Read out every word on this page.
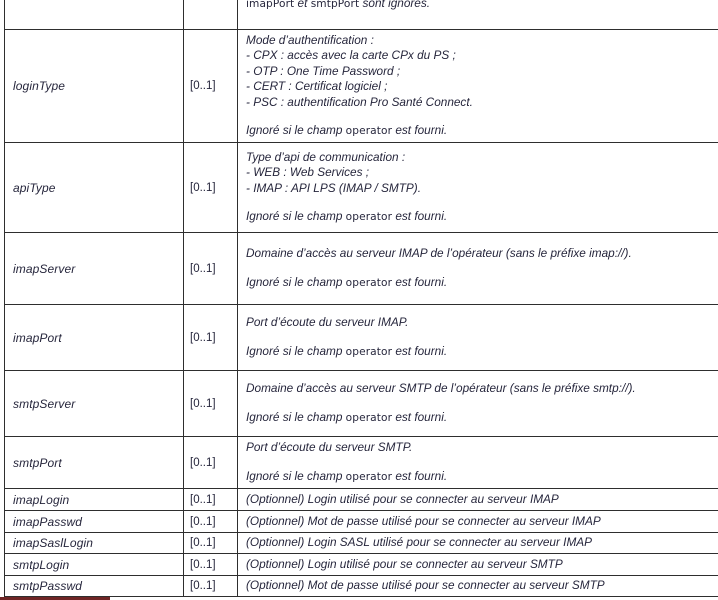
imapPort et smtpPort sont ignorés.
loginType	[0..1]
Mode d’authentification :
- CPX : accès avec la carte CPx du PS ;
- OTP : One Time Password ;
- CERT : Certificat logiciel ;
- PSC : authentification Pro Santé Connect.
Ignoré si le champ operator est fourni.
apiType	[0..1]
Type d’api de communication :
- WEB : Web Services ;
- IMAP : API LPS (IMAP / SMTP).
Ignoré si le champ operator est fourni.
imapServer	[0..1]
Domaine d’accès au serveur IMAP de l’opérateur (sans le préfixe imap://).
Ignoré si le champ operator est fourni.
imapPort	[0..1]
Port d’écoute du serveur IMAP.
Ignoré si le champ operator est fourni.
smtpServer	[0..1]
Domaine d’accès au serveur SMTP de l’opérateur (sans le préfixe smtp://).
Ignoré si le champ operator est fourni.
smtpPort	[0..1]
Port d’écoute du serveur SMTP.
Ignoré si le champ operator est fourni.
imapLogin	[0..1]	(Optionnel) Login utilisé pour se connecter au serveur IMAP
imapPasswd	[0..1]	(Optionnel) Mot de passe utilisé pour se connecter au serveur IMAP
imapSaslLogin	[0..1]	(Optionnel) Login SASL utilisé pour se connecter au serveur IMAP
smtpLogin	[0..1]	(Optionnel) Login utilisé pour se connecter au serveur SMTP
smtpPasswd	[0..1]	(Optionnel) Mot de passe utilisé pour se connecter au serveur SMTP
